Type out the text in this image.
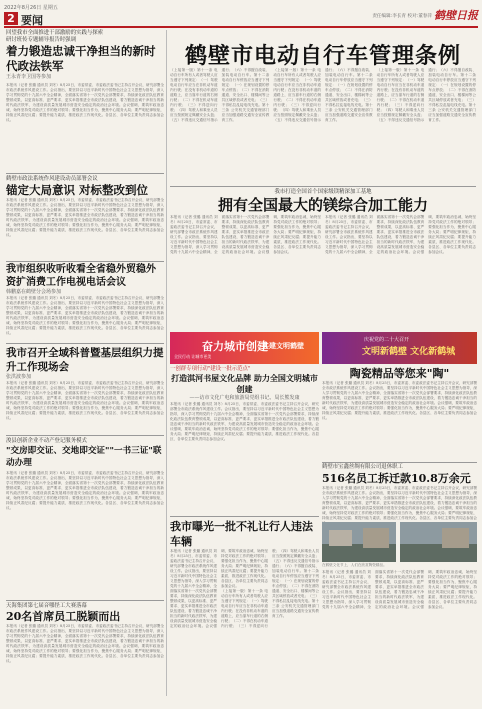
2022年8月26日 星期五
2 要闻	责任编辑:李长青 校对:董春萍 鹤壁日报
回望我市全面推进干部激励的实践与探索
研讨班传专题辅导报告时强调
着力锻造忠诚干净担当的新时代政法铁军
王永青李卫国等参加
本报讯（记者 张璐 通讯员 刘冬）8月25日，市委常委、市委政法委书记主持召开会议，研究部署全市政法系统作风建设工作。会议指出，要坚持以习近平新时代中国特色社会主义思想为指导，深入学习贯彻党的十九届六中全会精神，全面落实省第十一次党代会部署要求，持续深化政法队伍教育整顿成果，以更高标准、更严要求、更实举措推进全市政法队伍建设，着力锻造忠诚干净担当的新时代政法铁军，为建设高质量发展城市营造安全稳定的政治社会环境。会议强调，要筑牢政治忠诚，始终坚持党对政法工作的绝对领导；要强化担当作为，聚焦中心服务大局；要严明纪律规矩，持续正风肃纪反腐；要提升能力素质，推进政法工作现代化。各县区、各单位主要负责同志参加会议。
鹤壁市政法系统作风建设动员部署会议
锚定大局意识 对标整改到位
本报讯（记者 张璐 通讯员 刘冬）8月25日，市委常委、市委政法委书记主持召开会议，研究部署全市政法系统作风建设工作。会议指出，要坚持以习近平新时代中国特色社会主义思想为指导，深入学习贯彻党的十九届六中全会精神，全面落实省第十一次党代会部署要求，持续深化政法队伍教育整顿成果，以更高标准、更严要求、更实举措推进全市政法队伍建设，着力锻造忠诚干净担当的新时代政法铁军，为建设高质量发展城市营造安全稳定的政治社会环境。会议强调，要筑牢政治忠诚，始终坚持党对政法工作的绝对领导；要强化担当作为，聚焦中心服务大局；要严明纪律规矩，持续正风肃纪反腐；要提升能力素质，推进政法工作现代化。各县区、各单位主要负责同志参加会议。
我市组织收听收看全省稳外贸稳外资扩消费工作电视电话会议
韩鹏嘉在鹤壁分会场参加
本报讯（记者 张璐 通讯员 刘冬）8月25日，市委常委、市委政法委书记主持召开会议，研究部署全市政法系统作风建设工作。会议指出，要坚持以习近平新时代中国特色社会主义思想为指导，深入学习贯彻党的十九届六中全会精神，全面落实省第十一次党代会部署要求，持续深化政法队伍教育整顿成果，以更高标准、更严要求、更实举措推进全市政法队伍建设，着力锻造忠诚干净担当的新时代政法铁军，为建设高质量发展城市营造安全稳定的政治社会环境。会议强调，要筑牢政治忠诚，始终坚持党对政法工作的绝对领导；要强化担当作为，聚焦中心服务大局；要严明纪律规矩，持续正风肃纪反腐；要提升能力素质，推进政法工作现代化。各县区、各单位主要负责同志参加会议。
我市召开全域科普暨基层组织力提升工作现场会
张洪波参加
本报讯（记者 张璐 通讯员 刘冬）8月25日，市委常委、市委政法委书记主持召开会议，研究部署全市政法系统作风建设工作。会议指出，要坚持以习近平新时代中国特色社会主义思想为指导，深入学习贯彻党的十九届六中全会精神，全面落实省第十一次党代会部署要求，持续深化政法队伍教育整顿成果，以更高标准、更严要求、更实举措推进全市政法队伍建设，着力锻造忠诚干净担当的新时代政法铁军，为建设高质量发展城市营造安全稳定的政治社会环境。会议强调，要筑牢政治忠诚，始终坚持党对政法工作的绝对领导；要强化担当作为，聚焦中心服务大局；要严明纪律规矩，持续正风肃纪反腐；要提升能力素质，推进政法工作现代化。各县区、各单位主要负责同志参加会议。
浚县创新企业不动产登记服务模式
"交房即交证、交地即交证""一书三证"联动办理
本报讯（记者 张璐 通讯员 刘冬）8月25日，市委常委、市委政法委书记主持召开会议，研究部署全市政法系统作风建设工作。会议指出，要坚持以习近平新时代中国特色社会主义思想为指导，深入学习贯彻党的十九届六中全会精神，全面落实省第十一次党代会部署要求，持续深化政法队伍教育整顿成果，以更高标准、更严要求、更实举措推进全市政法队伍建设，着力锻造忠诚干净担当的新时代政法铁军，为建设高质量发展城市营造安全稳定的政治社会环境。会议强调，要筑牢政治忠诚，始终坚持党对政法工作的绝对领导；要强化担当作为，聚焦中心服务大局；要严明纪律规矩，持续正风肃纪反腐；要提升能力素质，推进政法工作现代化。各县区、各单位主要负责同志参加会议。
天海集团第七届音哪怪工大赛落幕
20名首席员工脱颖而出
本报讯（记者 张璐 通讯员 刘冬）8月25日，市委常委、市委政法委书记主持召开会议，研究部署全市政法系统作风建设工作。会议指出，要坚持以习近平新时代中国特色社会主义思想为指导，深入学习贯彻党的十九届六中全会精神，全面落实省第十一次党代会部署要求，持续深化政法队伍教育整顿成果，以更高标准、更严要求、更实举措推进全市政法队伍建设，着力锻造忠诚干净担当的新时代政法铁军，为建设高质量发展城市营造安全稳定的政治社会环境。会议强调，要筑牢政治忠诚，始终坚持党对政法工作的绝对领导；要强化担当作为，聚焦中心服务大局；要严明纪律规矩，持续正风肃纪反腐；要提升能力素质，推进政法工作现代化。各县区、各单位主要负责同志参加会议。
鹤壁市电动自行车管理条例
（上接第一版）第十一条 电动自行车所有人或者驾驶人应当遵守下列规定：（一）驾驶电动自行车应当在非机动车道内行驶；在没有非机动车道的道路上，应当靠车行道的右侧行驶；（二）不得在机动车道内行驶；（三）不得逆向行驶；（四）驾驶人和乘坐人员应当按照规定佩戴安全头盔；（五）不得违反交通信号指示通行；（六）不得擅自改装、加装电动自行车。第十二条 电动自行车停放应当遵守下列规定：（一）在规划设置的停车点停放；（二）不得在消防通道、安全出口、楼梯间等公共区域停放或者充电；（三）不得私拉乱接电线充电。第十三条 公安机关交通管理部门应当加强道路交通安全宣传教育工作。
（上接第一版）第十一条 电动自行车所有人或者驾驶人应当遵守下列规定：（一）驾驶电动自行车应当在非机动车道内行驶；在没有非机动车道的道路上，应当靠车行道的右侧行驶；（二）不得在机动车道内行驶；（三）不得逆向行驶；（四）驾驶人和乘坐人员应当按照规定佩戴安全头盔；（五）不得违反交通信号指示通行；（六）不得擅自改装、加装电动自行车。第十二条 电动自行车停放应当遵守下列规定：（一）在规划设置的停车点停放；（二）不得在消防通道、安全出口、楼梯间等公共区域停放或者充电；（三）不得私拉乱接电线充电。第十三条 公安机关交通管理部门应当加强道路交通安全宣传教育工作。
（上接第一版）第十一条 电动自行车所有人或者驾驶人应当遵守下列规定：（一）驾驶电动自行车应当在非机动车道内行驶；在没有非机动车道的道路上，应当靠车行道的右侧行驶；（二）不得在机动车道内行驶；（三）不得逆向行驶；（四）驾驶人和乘坐人员应当按照规定佩戴安全头盔；（五）不得违反交通信号指示通行；（六）不得擅自改装、加装电动自行车。第十二条 电动自行车停放应当遵守下列规定：（一）在规划设置的停车点停放；（二）不得在消防通道、安全出口、楼梯间等公共区域停放或者充电；（三）不得私拉乱接电线充电。第十三条 公安机关交通管理部门应当加强道路交通安全宣传教育工作。
我市打造全国首个国家级镁精深加工基地
拥有全国最大的镁综合加工能力
本报讯（记者 张璐 通讯员 刘冬）8月25日，市委常委、市委政法委书记主持召开会议，研究部署全市政法系统作风建设工作。会议指出，要坚持以习近平新时代中国特色社会主义思想为指导，深入学习贯彻党的十九届六中全会精神，全面落实省第十一次党代会部署要求，持续深化政法队伍教育整顿成果，以更高标准、更严要求、更实举措推进全市政法队伍建设，着力锻造忠诚干净担当的新时代政法铁军，为建设高质量发展城市营造安全稳定的政治社会环境。会议强调，要筑牢政治忠诚，始终坚持党对政法工作的绝对领导；要强化担当作为，聚焦中心服务大局；要严明纪律规矩，持续正风肃纪反腐；要提升能力素质，推进政法工作现代化。各县区、各单位主要负责同志参加会议。
本报讯（记者 张璐 通讯员 刘冬）8月25日，市委常委、市委政法委书记主持召开会议，研究部署全市政法系统作风建设工作。会议指出，要坚持以习近平新时代中国特色社会主义思想为指导，深入学习贯彻党的十九届六中全会精神，全面落实省第十一次党代会部署要求，持续深化政法队伍教育整顿成果，以更高标准、更严要求、更实举措推进全市政法队伍建设，着力锻造忠诚干净担当的新时代政法铁军，为建设高质量发展城市营造安全稳定的政治社会环境。会议强调，要筑牢政治忠诚，始终坚持党对政法工作的绝对领导；要强化担当作为，聚焦中心服务大局；要严明纪律规矩，持续正风肃纪反腐；要提升能力素质，推进政法工作现代化。各县区、各单位主要负责同志参加会议。
奋力城市创建
共建文明鹤壁
全民行动 让城市更美
庆祝党的二十大召开
文明新鹤壁 文化新鹤城
一创群专项行动"建设一批示范点"
打造淇河书屋文化品牌 助力全国文明城市创建
——访市文化广电和旅游局党组书记、局长熊发康
本报讯（记者 张璐 通讯员 刘冬）8月25日，市委常委、市委政法委书记主持召开会议，研究部署全市政法系统作风建设工作。会议指出，要坚持以习近平新时代中国特色社会主义思想为指导，深入学习贯彻党的十九届六中全会精神，全面落实省第十一次党代会部署要求，持续深化政法队伍教育整顿成果，以更高标准、更严要求、更实举措推进全市政法队伍建设，着力锻造忠诚干净担当的新时代政法铁军，为建设高质量发展城市营造安全稳定的政治社会环境。会议强调，要筑牢政治忠诚，始终坚持党对政法工作的绝对领导；要强化担当作为，聚焦中心服务大局；要严明纪律规矩，持续正风肃纪反腐；要提升能力素质，推进政法工作现代化。各县区、各单位主要负责同志参加会议。
陶瓷精品等您来"陶"
本报讯（记者 张璐 通讯员 刘冬）8月25日，市委常委、市委政法委书记主持召开会议，研究部署全市政法系统作风建设工作。会议指出，要坚持以习近平新时代中国特色社会主义思想为指导，深入学习贯彻党的十九届六中全会精神，全面落实省第十一次党代会部署要求，持续深化政法队伍教育整顿成果，以更高标准、更严要求、更实举措推进全市政法队伍建设，着力锻造忠诚干净担当的新时代政法铁军，为建设高质量发展城市营造安全稳定的政治社会环境。会议强调，要筑牢政治忠诚，始终坚持党对政法工作的绝对领导；要强化担当作为，聚焦中心服务大局；要严明纪律规矩，持续正风肃纪反腐；要提升能力素质，推进政法工作现代化。各县区、各单位主要负责同志参加会议。
鹤壁市宝鑫丝绸有限公司退休职工
516名员工拆迁款10.8万余元
本报讯（记者 张璐 通讯员 刘冬）8月25日，市委常委、市委政法委书记主持召开会议，研究部署全市政法系统作风建设工作。会议指出，要坚持以习近平新时代中国特色社会主义思想为指导，深入学习贯彻党的十九届六中全会精神，全面落实省第十一次党代会部署要求，持续深化政法队伍教育整顿成果，以更高标准、更严要求、更实举措推进全市政法队伍建设，着力锻造忠诚干净担当的新时代政法铁军，为建设高质量发展城市营造安全稳定的政治社会环境。会议强调，要筑牢政治忠诚，始终坚持党对政法工作的绝对领导；要强化担当作为，聚焦中心服务大局；要严明纪律规矩，持续正风肃纪反腐；要提升能力素质，推进政法工作现代化。各县区、各单位主要负责同志参加会
在鹤壁文化节上，人们在欣赏陶瓷精品。
本报讯（记者 张璐 通讯员 刘冬）8月25日，市委常委、市委政法委书记主持召开会议，研究部署全市政法系统作风建设工作。会议指出，要坚持以习近平新时代中国特色社会主义思想为指导，深入学习贯彻党的十九届六中全会精神，全面落实省第十一次党代会部署要求，持续深化政法队伍教育整顿成果，以更高标准、更严要求、更实举措推进全市政法队伍建设，着力锻造忠诚干净担当的新时代政法铁军，为建设高质量发展城市营造安全稳定的政治社会环境。会议强调，要筑牢政治忠诚，始终坚持党对政法工作的绝对领导；要强化担当作为，聚焦中心服务大局；要严明纪律规矩，持续正风肃纪反腐；要提升能力素质，推进政法工作现代化。各县区、各单位主要负责同志参加会议。
我市曝光一批不礼让行人违法车辆
本报讯（记者 张璐 通讯员 刘冬）8月25日，市委常委、市委政法委书记主持召开会议，研究部署全市政法系统作风建设工作。会议指出，要坚持以习近平新时代中国特色社会主义思想为指导，深入学习贯彻党的十九届六中全会精神，全面落实省第十一次党代会部署要求，持续深化政法队伍教育整顿成果，以更高标准、更严要求、更实举措推进全市政法队伍建设，着力锻造忠诚干净担当的新时代政法铁军，为建设高质量发展城市营造安全稳定的政治社会环境。会议强调，要筑牢政治忠诚，始终坚持党对政法工作的绝对领导；要强化担当作为，聚焦中心服务大局；要严明纪律规矩，持续正风肃纪反腐；要提升能力素质，推进政法工作现代化。各县区、各单位主要负责同志参加会议。
（上接第一版）第十一条 电动自行车所有人或者驾驶人应当遵守下列规定：（一）驾驶电动自行车应当在非机动车道内行驶；在没有非机动车道的道路上，应当靠车行道的右侧行驶；（二）不得在机动车道内行驶；（三）不得逆向行驶；（四）驾驶人和乘坐人员应当按照规定佩戴安全头盔；（五）不得违反交通信号指示通行；（六）不得擅自改装、加装电动自行车。第十二条 电动自行车停放应当遵守下列规定：（一）在规划设置的停车点停放；（二）不得在消防通道、安全出口、楼梯间等公共区域停放或者充电；（三）不得私拉乱接电线充电。第十三条 公安机关交通管理部门应当加强道路交通安全宣传教育工作。
